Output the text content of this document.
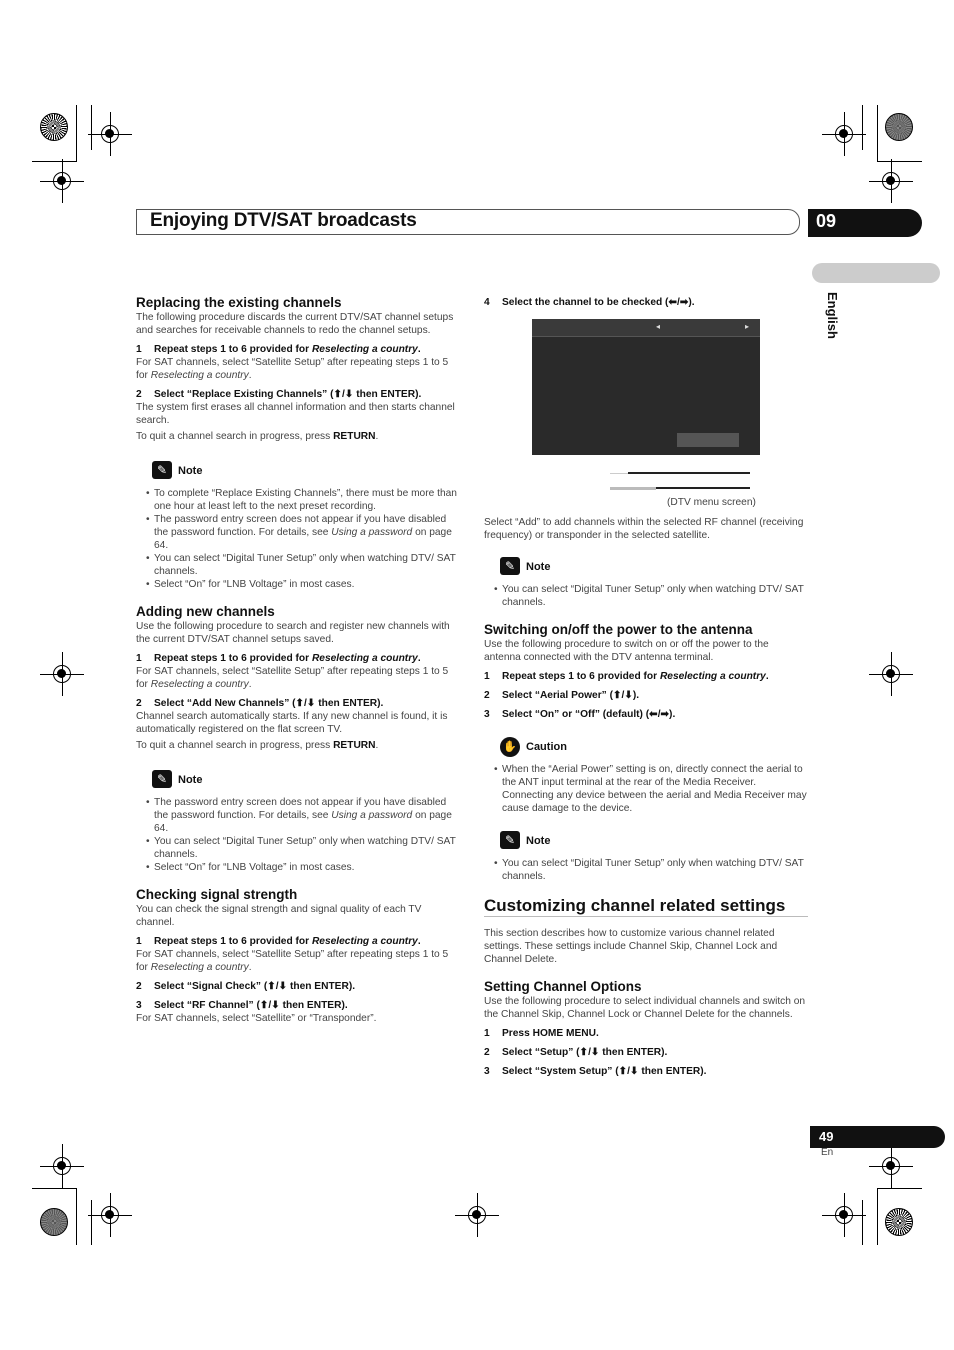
Enjoying DTV/SAT broadcasts	09
English
Replacing the existing channels

The following procedure discards the current DTV/SAT channel setups and searches for receivable channels to redo the channel setups.

1 Repeat steps 1 to 6 provided for Reselecting a country.

For SAT channels, select “Satellite Setup” after repeating steps 1 to 5 for Reselecting a country.

2 Select “Replace Existing Channels” (⬆/⬇ then ENTER).

The system first erases all channel information and then starts channel search.

To quit a channel search in progress, press RETURN.

✎ Note

• To complete “Replace Existing Channels”, there must be more than one hour at least left to the next preset recording.

• The password entry screen does not appear if you have disabled the password function. For details, see Using a password on page 64.

• You can select “Digital Tuner Setup” only when watching DTV/ SAT channels.

• Select “On” for “LNB Voltage” in most cases.

Adding new channels

Use the following procedure to search and register new channels with the current DTV/SAT channel setups saved.

1 Repeat steps 1 to 6 provided for Reselecting a country.

For SAT channels, select “Satellite Setup” after repeating steps 1 to 5 for Reselecting a country.

2 Select “Add New Channels” (⬆/⬇ then ENTER).

Channel search automatically starts. If any new channel is found, it is automatically registered on the flat screen TV.

To quit a channel search in progress, press RETURN.

✎ Note

• The password entry screen does not appear if you have disabled the password function. For details, see Using a password on page 64.

• You can select “Digital Tuner Setup” only when watching DTV/ SAT channels.

• Select “On” for “LNB Voltage” in most cases.

Checking signal strength

You can check the signal strength and signal quality of each TV channel.

1 Repeat steps 1 to 6 provided for Reselecting a country.

For SAT channels, select “Satellite Setup” after repeating steps 1 to 5 for Reselecting a country.

2 Select “Signal Check” (⬆/⬇ then ENTER).

3 Select “RF Channel” (⬆/⬇ then ENTER).

For SAT channels, select “Satellite” or “Transponder”.

4 Select the channel to be checked (⬅/➡).

◂	▸
(DTV menu screen)

Select “Add” to add channels within the selected RF channel (receiving frequency) or transponder in the selected satellite.

✎ Note

• You can select “Digital Tuner Setup” only when watching DTV/ SAT channels.

Switching on/off the power to the antenna

Use the following procedure to switch on or off the power to the antenna connected with the DTV antenna terminal.

1 Repeat steps 1 to 6 provided for Reselecting a country.

2 Select “Aerial Power” (⬆/⬇).

3 Select “On” or “Off” (default) (⬅/➡).

✋ Caution

• When the “Aerial Power” setting is on, directly connect the aerial to the ANT input terminal at the rear of the Media Receiver. Connecting any device between the aerial and Media Receiver may cause damage to the device.

✎ Note

• You can select “Digital Tuner Setup” only when watching DTV/ SAT channels.

Customizing channel related settings

This section describes how to customize various channel related settings. These settings include Channel Skip, Channel Lock and Channel Delete.

Setting Channel Options

Use the following procedure to select individual channels and switch on the Channel Skip, Channel Lock or Channel Delete for the channels.

1 Press HOME MENU.

2 Select “Setup” (⬆/⬇ then ENTER).

3 Select “System Setup” (⬆/⬇ then ENTER).

49
En
